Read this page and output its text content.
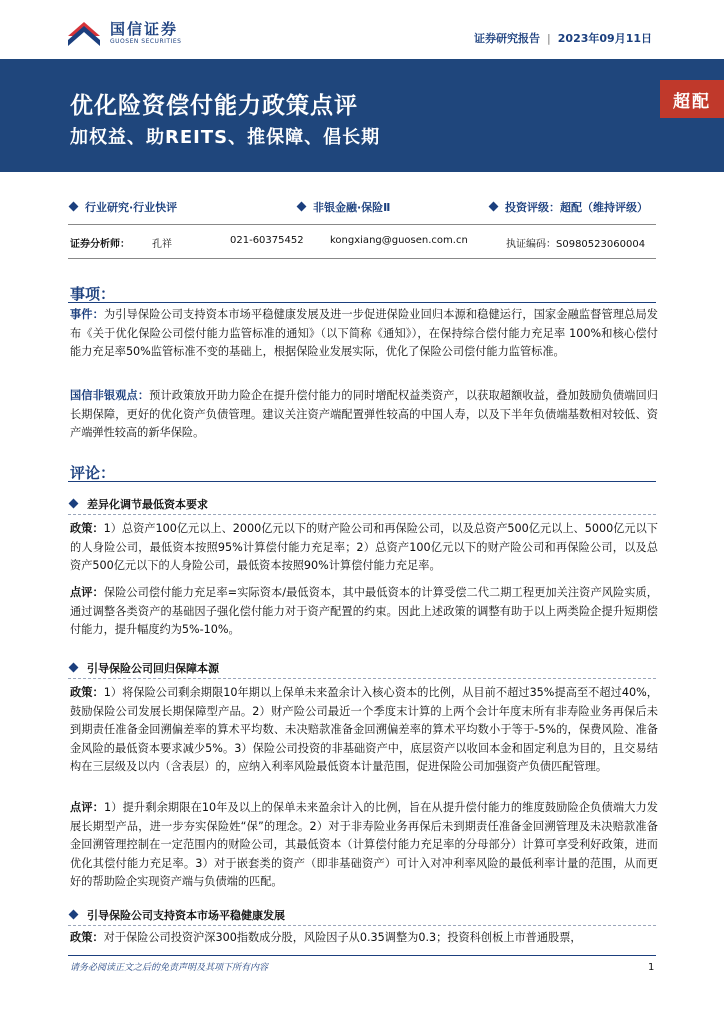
国信证券
GUOSEN SECURITIES	证券研究报告 | 2023年09月11日
优化险资偿付能力政策点评
加权益、助REITS、推保障、倡长期
超配
行业研究·行业快评	非银金融·保险Ⅱ	投资评级：超配（维持评级）
证券分析师： 孔祥	021-60375452	kongxiang@guosen.com.cn	执证编码：S0980523060004
事项：
事件：为引导保险公司支持资本市场平稳健康发展及进一步促进保险业回归本源和稳健运行，国家金融监督管理总局发布《关于优化保险公司偿付能力监管标准的通知》（以下简称《通知》），在保持综合偿付能力充足率 100%和核心偿付能力充足率50%监管标准不变的基础上，根据保险业发展实际，优化了保险公司偿付能力监管标准。
国信非银观点：预计政策放开助力险企在提升偿付能力的同时增配权益类资产，以获取超额收益，叠加鼓励负债端回归长期保障，更好的优化资产负债管理。建议关注资产端配置弹性较高的中国人寿，以及下半年负债端基数相对较低、资产端弹性较高的新华保险。
评论：
差异化调节最低资本要求
政策：1）总资产100亿元以上、2000亿元以下的财产险公司和再保险公司，以及总资产500亿元以上、5000亿元以下的人身险公司，最低资本按照95%计算偿付能力充足率；2）总资产100亿元以下的财产险公司和再保险公司，以及总资产500亿元以下的人身险公司，最低资本按照90%计算偿付能力充足率。
点评：保险公司偿付能力充足率=实际资本/最低资本，其中最低资本的计算受偿二代二期工程更加关注资产风险实质，通过调整各类资产的基础因子强化偿付能力对于资产配置的约束。因此上述政策的调整有助于以上两类险企提升短期偿付能力，提升幅度约为5%-10%。
引导保险公司回归保障本源
政策：1）将保险公司剩余期限10年期以上保单未来盈余计入核心资本的比例，从目前不超过35%提高至不超过40%，鼓励保险公司发展长期保障型产品。2）财产险公司最近一个季度末计算的上两个会计年度末所有非寿险业务再保后未到期责任准备金回溯偏差率的算术平均数、未决赔款准备金回溯偏差率的算术平均数小于等于-5%的，保费风险、准备金风险的最低资本要求减少5%。3）保险公司投资的非基础资产中，底层资产以收回本金和固定利息为目的，且交易结构在三层级及以内（含表层）的，应纳入利率风险最低资本计量范围，促进保险公司加强资产负债匹配管理。
点评：1）提升剩余期限在10年及以上的保单未来盈余计入的比例，旨在从提升偿付能力的维度鼓励险企负债端大力发展长期型产品，进一步夯实保险姓“保”的理念。2）对于非寿险业务再保后未到期责任准备金回溯管理及未决赔款准备金回溯管理控制在一定范围内的财险公司，其最低资本（计算偿付能力充足率的分母部分）计算可享受利好政策，进而优化其偿付能力充足率。3）对于嵌套类的资产（即非基础资产）可计入对冲利率风险的最低利率计量的范围，从而更好的帮助险企实现资产端与负债端的匹配。
引导保险公司支持资本市场平稳健康发展
政策：对于保险公司投资沪深300指数成分股，风险因子从0.35调整为0.3；投资科创板上市普通股票，
请务必阅读正文之后的免责声明及其项下所有内容	1
